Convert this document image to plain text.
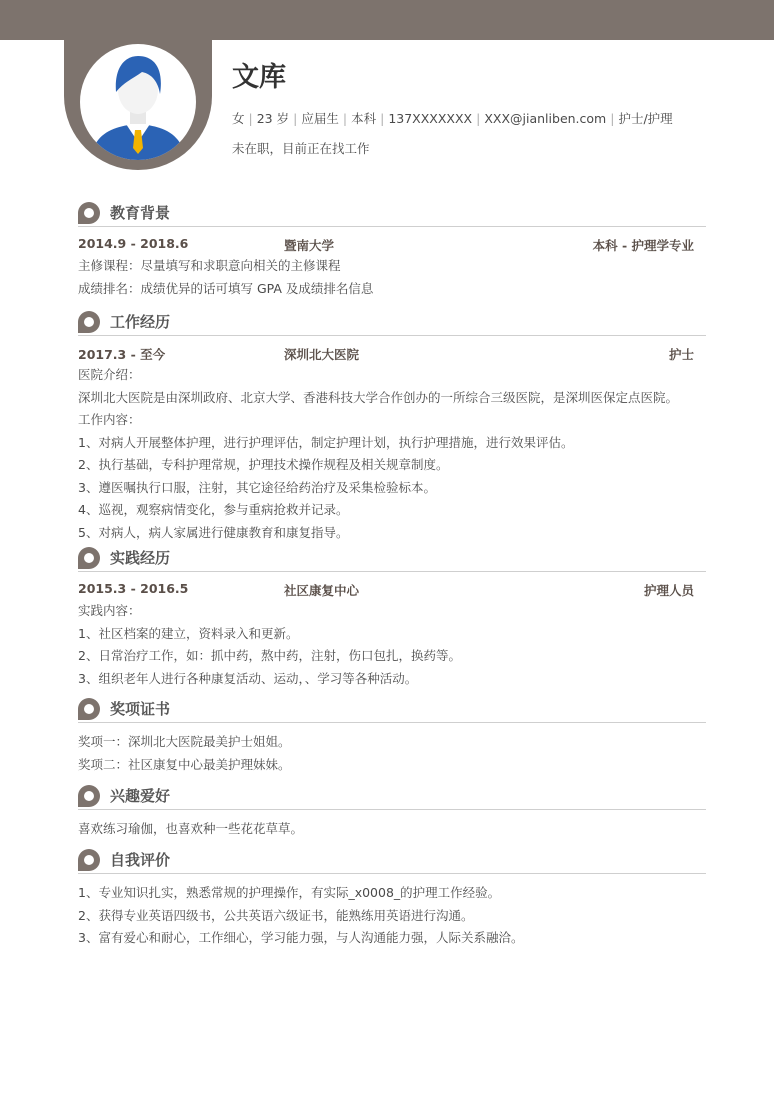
文库
女 | 23 岁 | 应届生 | 本科 | 137XXXXXXX | XXX@jianliben.com | 护士/护理
未在职，目前正在找工作
教育背景
2014.9 - 2018.6	暨南大学	本科 - 护理学专业
主修课程：尽量填写和求职意向相关的主修课程
成绩排名：成绩优异的话可填写 GPA 及成绩排名信息
工作经历
2017.3 - 至今	深圳北大医院	护士
医院介绍：
深圳北大医院是由深圳政府、北京大学、香港科技大学合作创办的一所综合三级医院，是深圳医保定点医院。
工作内容：
1、对病人开展整体护理，进行护理评估，制定护理计划，执行护理措施，进行效果评估。
2、执行基础，专科护理常规，护理技术操作规程及相关规章制度。
3、遵医嘱执行口服，注射，其它途径给药治疗及采集检验标本。
4、巡视，观察病情变化，参与重病抢救并记录。
5、对病人，病人家属进行健康教育和康复指导。
实践经历
2015.3 - 2016.5	社区康复中心	护理人员
实践内容：
1、社区档案的建立，资料录入和更新。
2、日常治疗工作，如：抓中药，熬中药，注射，伤口包扎，换药等。
3、组织老年人进行各种康复活动、运动，、学习等各种活动。
奖项证书
奖项一：深圳北大医院最美护士姐姐。
奖项二：社区康复中心最美护理妹妹。
兴趣爱好
喜欢练习瑜伽，也喜欢种一些花花草草。
自我评价
1、专业知识扎实，熟悉常规的护理操作，有实际_x0008_的护理工作经验。
2、获得专业英语四级书，公共英语六级证书，能熟练用英语进行沟通。
3、富有爱心和耐心，工作细心，学习能力强，与人沟通能力强，人际关系融洽。
